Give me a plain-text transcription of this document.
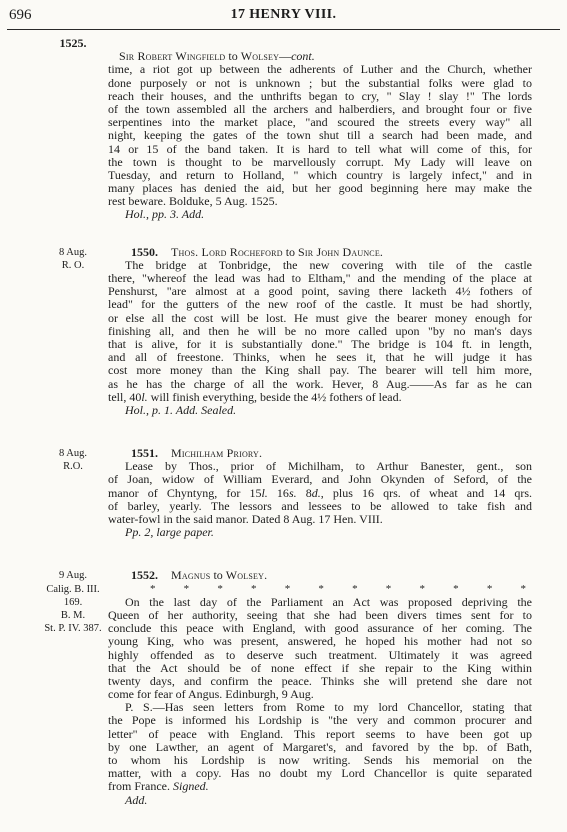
696	17 HENRY VIII.
1525.
Sir Robert Wingfield to Wolsey—cont.
time, a riot got up between the adherents of Luther and the Church, whether
done purposely or not is unknown ; but the substantial folks were glad to
reach their houses, and the unthrifts began to cry, " Slay ! slay !" The lords
of the town assembled all the archers and halberdiers, and brought four or five
serpentines into the market place, "and scoured the streets every way" all
night, keeping the gates of the town shut till a search had been made, and
14 or 15 of the band taken. It is hard to tell what will come of this, for
the town is thought to be marvellously corrupt. My Lady will leave on
Tuesday, and return to Holland, " which country is largely infect," and in
many places has denied the aid, but her good beginning here may make the
rest beware. Bolduke, 5 Aug. 1525.
Hol., pp. 3. Add.
8 Aug.
R. O.
1550. Thos. Lord Rocheford to Sir John Daunce.
The bridge at Tonbridge, the new covering with tile of the castle
there, "whereof the lead was had to Eltham," and the mending of the place at
Penshurst, "are almost at a good point, saving there lacketh 4½ fothers of
lead" for the gutters of the new roof of the castle. It must be had shortly,
or else all the cost will be lost. He must give the bearer money enough for
finishing all, and then he will be no more called upon "by no man's days
that is alive, for it is substantially done." The bridge is 104 ft. in length,
and all of freestone. Thinks, when he sees it, that he will judge it has
cost more money than the King shall pay. The bearer will tell him more,
as he has the charge of all the work. Hever, 8 Aug.——As far as he can
tell, 40l. will finish everything, beside the 4½ fothers of lead.
Hol., p. 1. Add. Sealed.
8 Aug.
R.O.
1551. Michilham Priory.
Lease by Thos., prior of Michilham, to Arthur Banester, gent., son
of Joan, widow of William Everard, and John Okynden of Seford, of the
manor of Chyntyng, for 15l. 16s. 8d., plus 16 qrs. of wheat and 14 qrs.
of barley, yearly. The lessors and lessees to be allowed to take fish and
water-fowl in the said manor. Dated 8 Aug. 17 Hen. VIII.
Pp. 2, large paper.
9 Aug.
Calig. B. III.
169.
B. M.
St. P. IV. 387.
1552. Magnus to Wolsey.
* * * * * * * * * * * *
On the last day of the Parliament an Act was proposed depriving the
Queen of her authority, seeing that she had been divers times sent for to
conclude this peace with England, with good assurance of her coming. The
young King, who was present, answered, he hoped his mother had not so
highly offended as to deserve such treatment. Ultimately it was agreed
that the Act should be of none effect if she repair to the King within
twenty days, and confirm the peace. Thinks she will pretend she dare not
come for fear of Angus. Edinburgh, 9 Aug.
P. S.—Has seen letters from Rome to my lord Chancellor, stating that
the Pope is informed his Lordship is "the very and common procurer and
letter" of peace with England. This report seems to have been got up
by one Lawther, an agent of Margaret's, and favored by the bp. of Bath,
to whom his Lordship is now writing. Sends his memorial on the
matter, with a copy. Has no doubt my Lord Chancellor is quite separated
from France. Signed.
Add.
